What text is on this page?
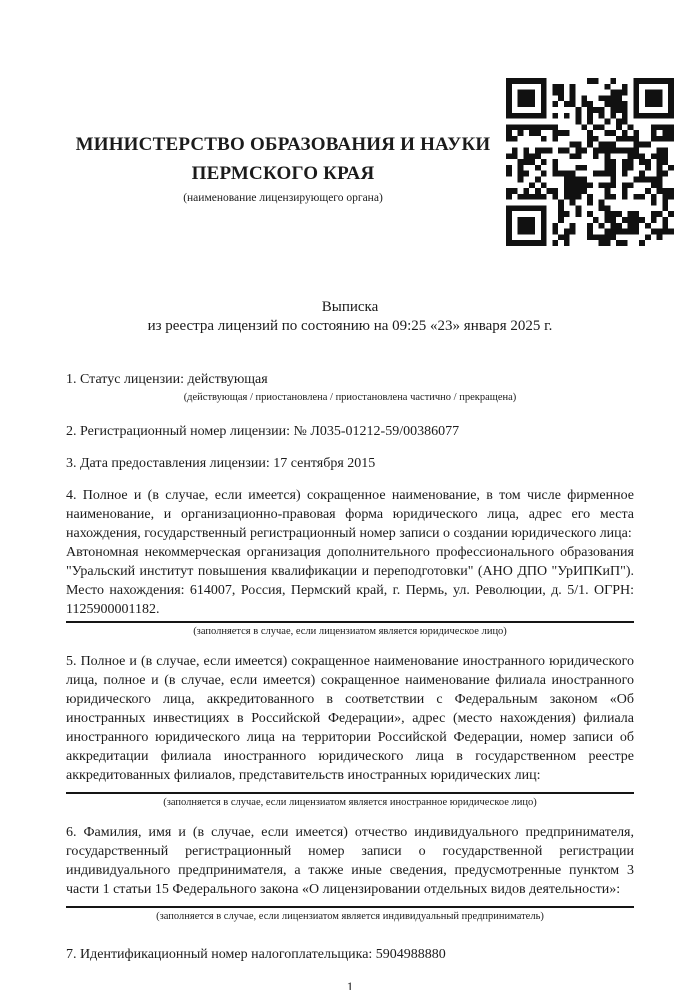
МИНИСТЕРСТВО ОБРАЗОВАНИЯ И НАУКИ
ПЕРМСКОГО КРАЯ
(наименование лицензирующего органа)
Выписка
из реестра лицензий по состоянию на 09:25 «23» января 2025 г.
1. Статус лицензии: действующая
(действующая / приостановлена / приостановлена частично / прекращена)
2. Регистрационный номер лицензии: № Л035-01212-59/00386077
3. Дата предоставления лицензии: 17 сентября 2015
4. Полное и (в случае, если имеется) сокращенное наименование, в том числе фирменное наименование, и организационно-правовая форма юридического лица, адрес его места нахождения, государственный регистрационный номер записи о создании юридического лица:
Автономная некоммерческая организация дополнительного профессионального образования "Уральский институт повышения квалификации и переподготовки" (АНО ДПО "УрИПКиП"). Место нахождения: 614007, Россия, Пермский край, г. Пермь, ул. Революции, д. 5/1. ОГРН: 1125900001182.
(заполняется в случае, если лицензиатом является юридическое лицо)
5. Полное и (в случае, если имеется) сокращенное наименование иностранного юридического лица, полное и (в случае, если имеется) сокращенное наименование филиала иностранного юридического лица, аккредитованного в соответствии с Федеральным законом «Об иностранных инвестициях в Российской Федерации», адрес (место нахождения) филиала иностранного юридического лица на территории Российской Федерации, номер записи об аккредитации филиала иностранного юридического лица в государственном реестре аккредитованных филиалов, представительств иностранных юридических лиц:
(заполняется в случае, если лицензиатом является иностранное юридическое лицо)
6. Фамилия, имя и (в случае, если имеется) отчество индивидуального предпринимателя, государственный регистрационный номер записи о государственной регистрации индивидуального предпринимателя, а также иные сведения, предусмотренные пунктом 3 части 1 статьи 15 Федерального закона «О лицензировании отдельных видов деятельности»:
(заполняется в случае, если лицензиатом является индивидуальный предприниматель)
7. Идентификационный номер налогоплательщика: 5904988880
1
